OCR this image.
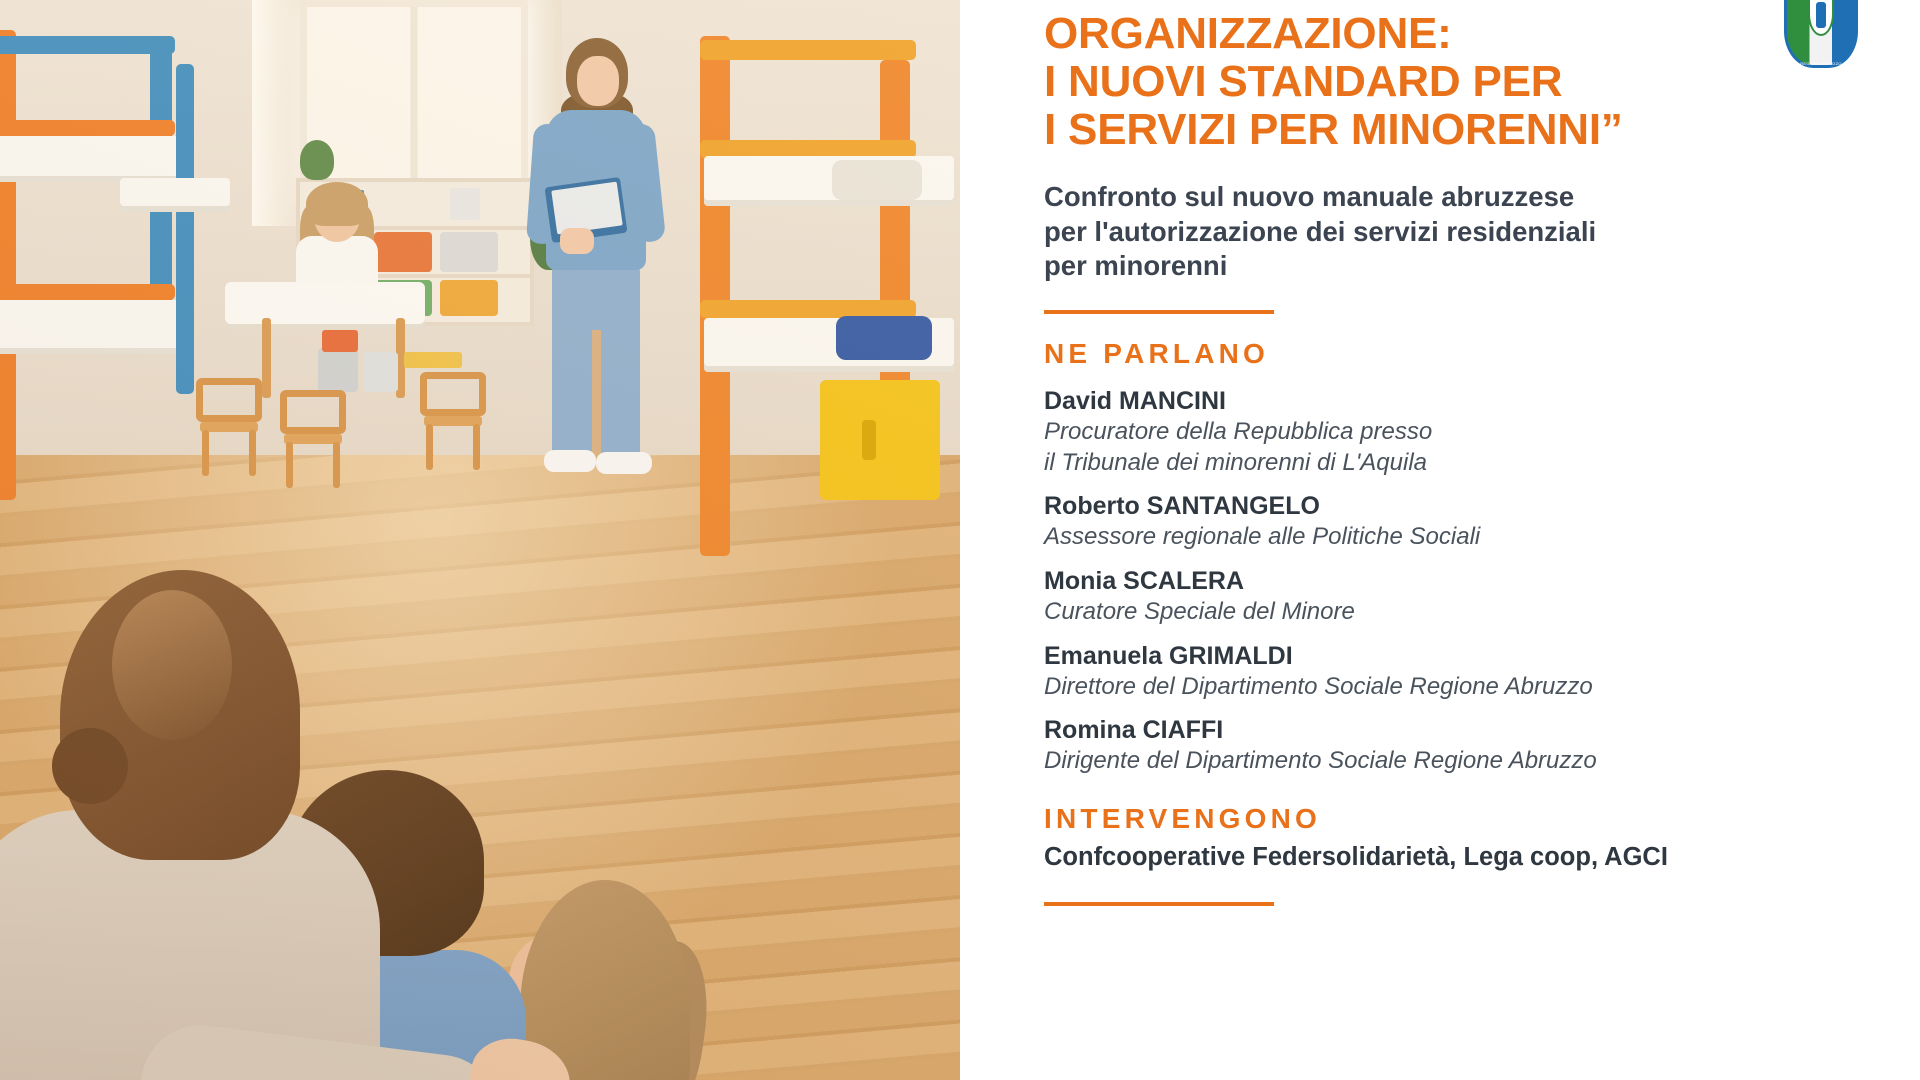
REGIONE ABRUZZO
ORGANIZZAZIONE:
I NUOVI STANDARD PER
I SERVIZI PER MINORENNI”
Confronto sul nuovo manuale abruzzese
per l'autorizzazione dei servizi residenziali
per minorenni
NE PARLANO
David MANCINI
Procuratore della Repubblica presso
il Tribunale dei minorenni di L'Aquila
Roberto SANTANGELO
Assessore regionale alle Politiche Sociali
Monia SCALERA
Curatore Speciale del Minore
Emanuela GRIMALDI
Direttore del Dipartimento Sociale Regione Abruzzo
Romina CIAFFI
Dirigente del Dipartimento Sociale Regione Abruzzo
INTERVENGONO
Confcooperative Federsolidarietà, Lega coop, AGCI
